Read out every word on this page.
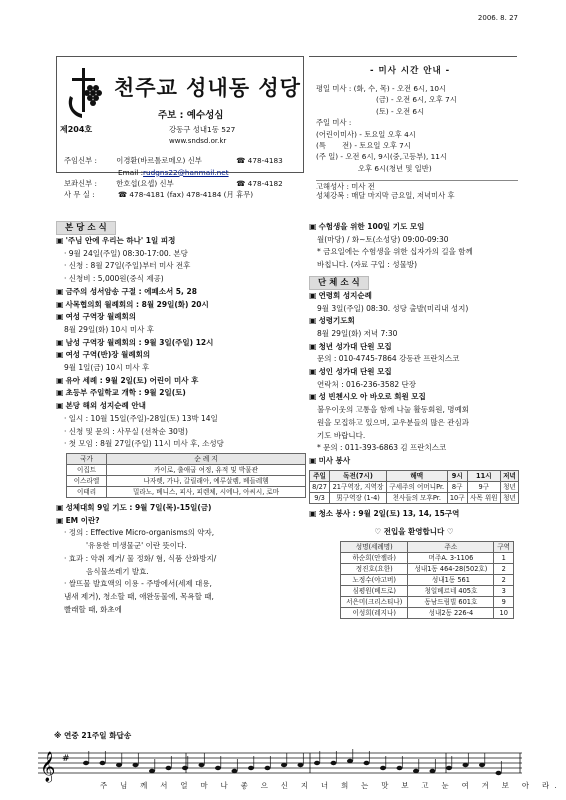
2006. 8. 27
제204호
천주교 성내동 성당
주보 : 예수성심
강동구 성내1동 527
www.sndsd.or.kr
주임신부 :	이경환(바르톨로메오) 신부	☎ 478-4183
Email : rudgns22@hanmail.net
보좌신부 :	한호섭(요셉) 신부	☎ 478-4182
사 무 실 :	☎ 478-4181 (fax) 478-4184 (月 휴무)
- 미사 시간 안내 -
평일 미사 : (화, 수, 목) - 오전 6시, 10시
(금) - 오전 6시, 오후 7시
(토) - 오전 6시
주일 미사 :
(어린이미사) - 토요일 오후 4시
(특       전) - 토요일 오후 7시
(주 일) - 오전 6시, 9시(중,고등부), 11시
오후 6시(청년 및 일반)
고해성사 : 미사 전
성체강복 : 매달 마지막 금요일, 저녁미사 후
본 당 소 식
▣ '주님 안에 우리는 하나' 1일 피정
· 9월 24일(주일) 08:30-17:00. 본당
· 신청 : 8월 27일(주일)부터 미사 전후
· 신청비 : 5,000원(중식 제공)
▣ 금주의 성서암송 구절 : 에페소서 5, 28
▣ 사목협의회 월례회의 : 8월 29일(화) 20시
▣ 여성 구역장 월례회의
8월 29일(화) 10시 미사 후
▣ 남성 구역장 월례회의 : 9월 3일(주일) 12시
▣ 여성 구역(반)장 월례회의
9월 1일(금) 10시 미사 후
▣ 유아 세례 : 9월 2일(토) 어린이 미사 후
▣ 초등부 주일학교 개학 : 9월 2일(토)
▣ 본당 해외 성지순례 안내
· 일시 : 10월 15일(주일)-28일(토) 13박 14일
· 신청 및 문의 : 사무실 (선착순 30명)
· 첫 모임 : 8월 27일(주일) 11시 미사 후, 소성당
국가	순 례 지
이집트	카이로, 출애굽 여정, 유적 및 박물관
이스라엘	나자렛, 가나, 갈릴래아, 예루살렘, 베들레헴
이태리	밀라노, 베니스, 피사, 피렌체, 시에나, 아씨시, 로마
▣ 성체대회 9일 기도 : 9월 7일(목)-15일(금)
▣ EM 이란?
· 정의 : Effective Micro-organisms의 약자,
'유용한 미생물군' 이란 뜻이다.
· 효과 : 악취 제거/ 물 정화/ 혐, 식품 산화방지/
음식물쓰레기 발효.
· 쌀뜨물 발효액의 이용 - 주방에서(세제 대용,
냄새 제거), 청소할 때, 애완동물에, 목욕할 때,
빨래할 때, 화초에
▣ 수험생을 위한 100일 기도 모임
월(마당) / 화~토(소성당) 09:00-09:30
* 금요일에는 수험생을 위한 십자가의 길을 함께
바칩니다. (자료 구입 : 성물방)
단 체 소 식
▣ 연령회 성지순례
9월 3일(주일) 08:30. 성당 출발(미리내 성지)
▣ 성령기도회
8월 29일(화) 저녁 7:30
▣ 청년 성가대 단원 모집
문의 : 010-4745-7864 강동관 프란치스코
▣ 성인 성가대 단원 모집
연락처 : 016-236-3582 단장
▣ 성 빈첸시오 아 바오로 회원 모집
불우이웃의 고통을 함께 나눌 활동회원, 명예회
원을 모집하고 있으며, 교우분들의 많은 관심과
기도 바랍니다.
* 문의 : 011-393-6863 김 프란치스코
▣ 미사 봉사
주일	독전(7시)	해맥	9시	11시	저녁
8/27	21구역장, 지역장	구세주의 어머니Pr.	8구	9구	청년
9/3	男구역장 (1-4)	천사들의 모후Pr.	10구	사목 위원	청년
▣ 청소 봉사 : 9월 2일(토) 13, 14, 15구역
♡ 전입을 환영합니다 ♡
성명(세례명)	주소	구역
하순희(안젤라)	머주A. 3-1106	1
정진호(요한)	성내1동 464-28(502호)	2
노정수(야고버)	성내1동 561	2
심평원(베드로)	청일베르네 405호	3
서은미(크리스티나)	동남드림빌 601호	9
이성희(레지나)	성내2동 226-4	10
※ 연중 21주일 화답송
𝄞 #
주 님 께 서 얼 마 나 좋 으 신 지 너 희 는 맛 보 고 눈 여 겨 보 아 라.
